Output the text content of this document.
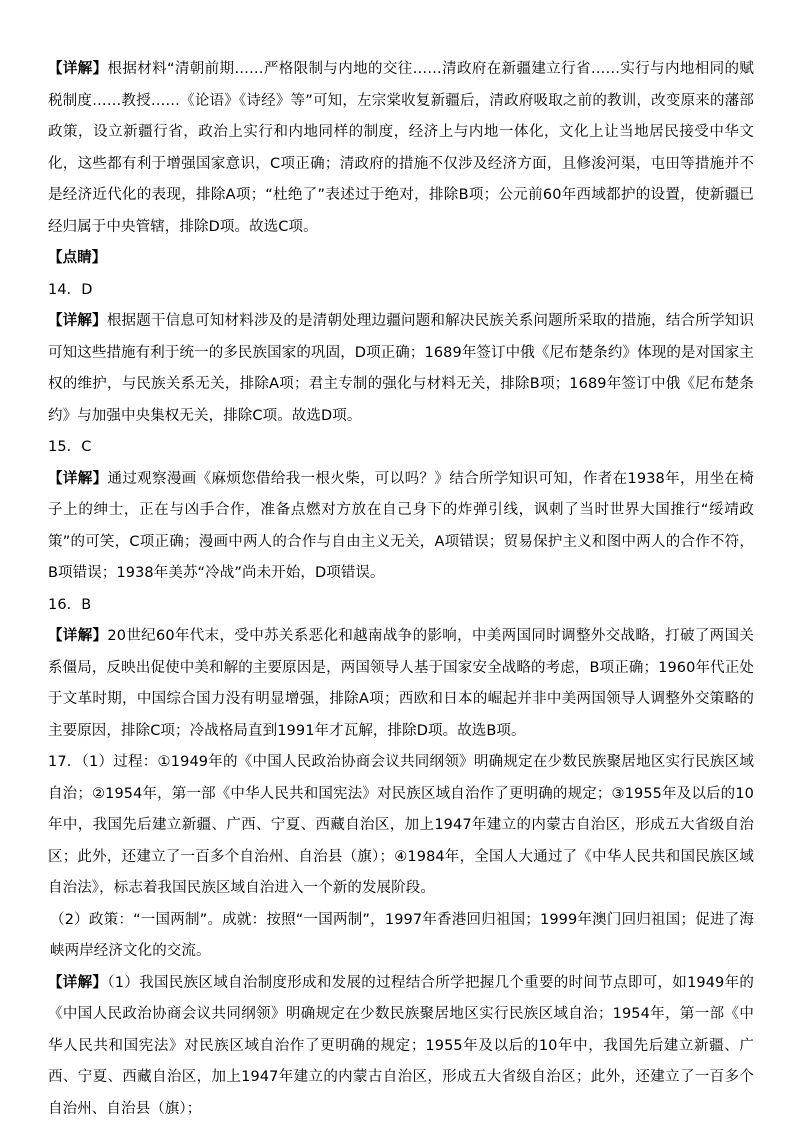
【详解】根据材料“清朝前期……严格限制与内地的交往……清政府在新疆建立行省……实行与内地相同的赋税制度……教授……《论语》《诗经》等”可知，左宗棠收复新疆后，清政府吸取之前的教训，改变原来的藩部政策，设立新疆行省，政治上实行和内地同样的制度，经济上与内地一体化，文化上让当地居民接受中华文化，这些都有利于增强国家意识，C项正确；清政府的措施不仅涉及经济方面，且修浚河渠，屯田等措施并不是经济近代化的表现，排除A项；“杜绝了”表述过于绝对，排除B项；公元前60年西域都护的设置，使新疆已经归属于中央管辖，排除D项。故选C项。

【点睛】

14．D

【详解】根据题干信息可知材料涉及的是清朝处理边疆问题和解决民族关系问题所采取的措施，结合所学知识可知这些措施有利于统一的多民族国家的巩固，D项正确；1689年签订中俄《尼布楚条约》体现的是对国家主权的维护，与民族关系无关，排除A项；君主专制的强化与材料无关，排除B项；1689年签订中俄《尼布楚条约》与加强中央集权无关，排除C项。故选D项。

15．C

【详解】通过观察漫画《麻烦您借给我一根火柴，可以吗？》结合所学知识可知，作者在1938年，用坐在椅子上的绅士，正在与凶手合作，准备点燃对方放在自己身下的炸弹引线，讽刺了当时世界大国推行“绥靖政策”的可笑，C项正确；漫画中两人的合作与自由主义无关，A项错误；贸易保护主义和图中两人的合作不符，B项错误；1938年美苏“冷战”尚未开始，D项错误。

16．B

【详解】20世纪60年代末，受中苏关系恶化和越南战争的影响，中美两国同时调整外交战略，打破了两国关系僵局，反映出促使中美和解的主要原因是，两国领导人基于国家安全战略的考虑，B项正确；1960年代正处于文革时期，中国综合国力没有明显增强，排除A项；西欧和日本的崛起并非中美两国领导人调整外交策略的主要原因，排除C项；冷战格局直到1991年才瓦解，排除D项。故选B项。

17．（1）过程：①1949年的《中国人民政治协商会议共同纲领》明确规定在少数民族聚居地区实行民族区域自治；②1954年，第一部《中华人民共和国宪法》对民族区域自治作了更明确的规定；③1955年及以后的10年中，我国先后建立新疆、广西、宁夏、西藏自治区，加上1947年建立的内蒙古自治区，形成五大省级自治区；此外，还建立了一百多个自治州、自治县（旗）；④1984年，全国人大通过了《中华人民共和国民族区域自治法》，标志着我国民族区域自治进入一个新的发展阶段。

（2）政策：“一国两制”。成就：按照“一国两制”，1997年香港回归祖国；1999年澳门回归祖国；促进了海峡两岸经济文化的交流。

【详解】（1）我国民族区域自治制度形成和发展的过程结合所学把握几个重要的时间节点即可，如1949年的《中国人民政治协商会议共同纲领》明确规定在少数民族聚居地区实行民族区域自治；1954年，第一部《中华人民共和国宪法》对民族区域自治作了更明确的规定；1955年及以后的10年中，我国先后建立新疆、广西、宁夏、西藏自治区，加上1947年建立的内蒙古自治区，形成五大省级自治区；此外，还建立了一百多个自治州、自治县（旗）；
